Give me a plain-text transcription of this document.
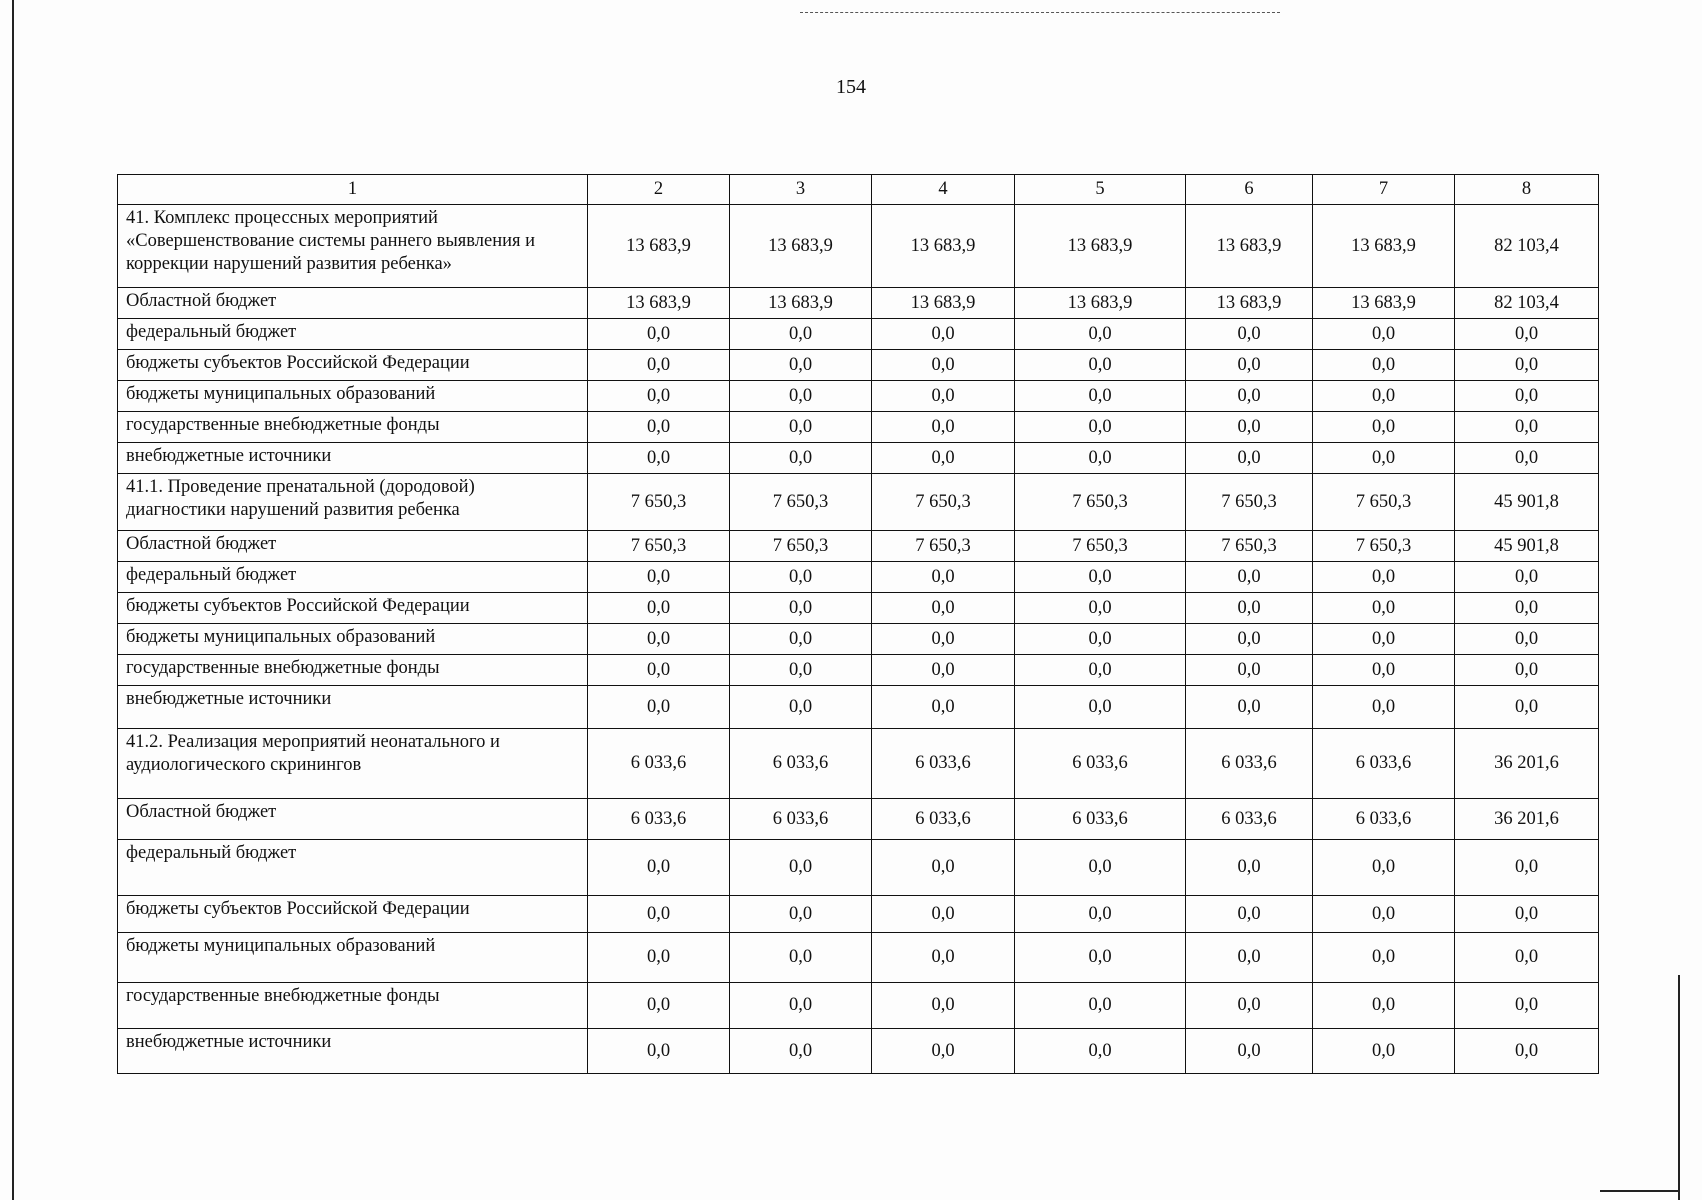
154
1	2	3	4	5	6	7	8
41. Комплекс процессных мероприятий «Совершенствование системы раннего выявления и коррекции нарушений развития ребенка»	13 683,9	13 683,9	13 683,9	13 683,9	13 683,9	13 683,9	82 103,4
Областной бюджет	13 683,9	13 683,9	13 683,9	13 683,9	13 683,9	13 683,9	82 103,4
федеральный бюджет	0,0	0,0	0,0	0,0	0,0	0,0	0,0
бюджеты субъектов Российской Федерации	0,0	0,0	0,0	0,0	0,0	0,0	0,0
бюджеты муниципальных образований	0,0	0,0	0,0	0,0	0,0	0,0	0,0
государственные внебюджетные фонды	0,0	0,0	0,0	0,0	0,0	0,0	0,0
внебюджетные источники	0,0	0,0	0,0	0,0	0,0	0,0	0,0
41.1. Проведение пренатальной (дородовой) диагностики нарушений развития ребенка	7 650,3	7 650,3	7 650,3	7 650,3	7 650,3	7 650,3	45 901,8
Областной бюджет	7 650,3	7 650,3	7 650,3	7 650,3	7 650,3	7 650,3	45 901,8
федеральный бюджет	0,0	0,0	0,0	0,0	0,0	0,0	0,0
бюджеты субъектов Российской Федерации	0,0	0,0	0,0	0,0	0,0	0,0	0,0
бюджеты муниципальных образований	0,0	0,0	0,0	0,0	0,0	0,0	0,0
государственные внебюджетные фонды	0,0	0,0	0,0	0,0	0,0	0,0	0,0
внебюджетные источники	0,0	0,0	0,0	0,0	0,0	0,0	0,0
41.2. Реализация мероприятий неонатального и аудиологического скринингов	6 033,6	6 033,6	6 033,6	6 033,6	6 033,6	6 033,6	36 201,6
Областной бюджет	6 033,6	6 033,6	6 033,6	6 033,6	6 033,6	6 033,6	36 201,6
федеральный бюджет	0,0	0,0	0,0	0,0	0,0	0,0	0,0
бюджеты субъектов Российской Федерации	0,0	0,0	0,0	0,0	0,0	0,0	0,0
бюджеты муниципальных образований	0,0	0,0	0,0	0,0	0,0	0,0	0,0
государственные внебюджетные фонды	0,0	0,0	0,0	0,0	0,0	0,0	0,0
внебюджетные источники	0,0	0,0	0,0	0,0	0,0	0,0	0,0
